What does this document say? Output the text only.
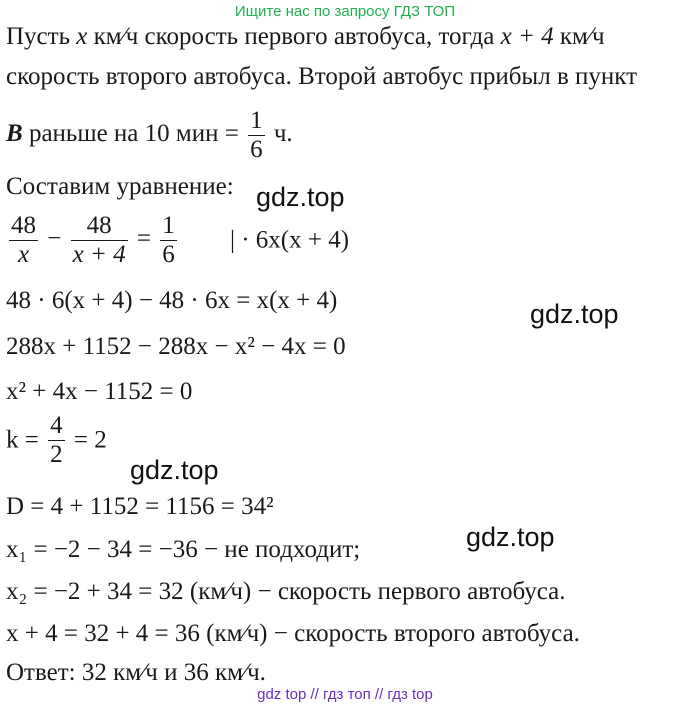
Ищите нас по запросу ГДЗ ТОП
Пусть x км⁄ч скорость первого автобуса, тогда x + 4 км⁄ч
скорость второго автобуса. Второй автобус прибыл в пункт
B раньше на 10 мин = $\frac{1}{6} ч$.
Составим уравнение:
$\frac{48}{x} - \frac{48}{x + 4} = \frac{1}{6}$ | · 6x(x + 4)
48 · 6(x + 4) − 48 · 6x = x(x + 4)
288x + 1152 − 288x − x² − 4x = 0
x² + 4x − 1152 = 0
$k = \frac{4}{2} = 2$
D = 4 + 1152 = 1156 = 34²
x₁ = −2 − 34 = −36 − не подходит;
x₂ = −2 + 34 = 32 (км⁄ч) − скорость первого автобуса.
x + 4 = 32 + 4 = 36 (км⁄ч) − скорость второго автобуса.
Ответ: 32 км⁄ч и 36 км⁄ч.
gdz.top
gdz.top
gdz.top
gdz.top
gdz top // гдз топ // гдз top
